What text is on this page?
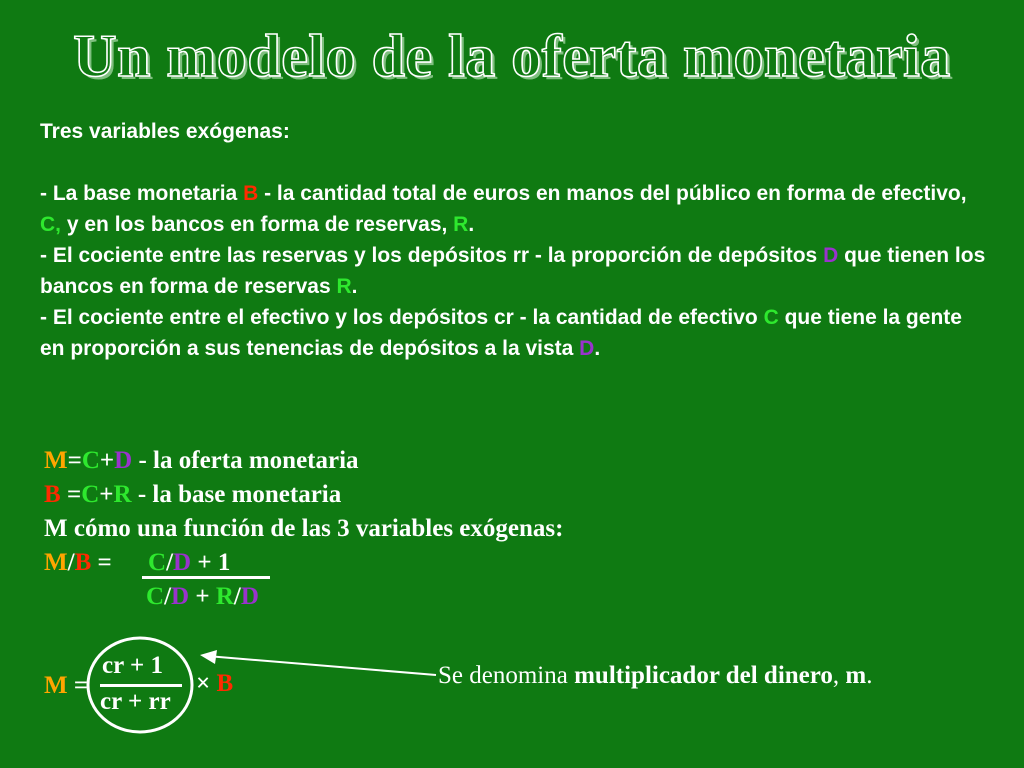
Un modelo de la oferta monetaria

Tres variables exógenas:

- La base monetaria B - la cantidad total de euros en manos del público en forma de efectivo, C, y en los bancos en forma de reservas, R.

- El cociente entre las reservas y los depósitos rr - la proporción de depósitos D que tienen los bancos en forma de reservas R.

- El cociente entre el efectivo y los depósitos cr - la cantidad de efectivo C que tiene la gente en proporción a sus tenencias de depósitos a la vista D.

M=C+D - la oferta monetaria
B =C+R - la base monetaria
M cómo una función de las 3 variables exógenas:
M/B = C/D + 1
C/D + R/D
M =
cr + 1
cr + rr
× B	Se denomina multiplicador del dinero, m.
